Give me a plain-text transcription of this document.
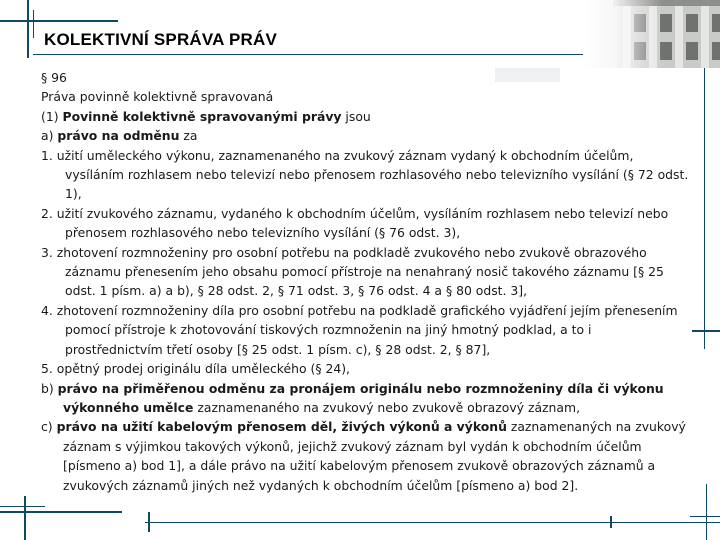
KOLEKTIVNÍ SPRÁVA PRÁV

§ 96

Práva povinně kolektivně spravovaná

(1) Povinně kolektivně spravovanými právy jsou

a) právo na odměnu za

1. užití uměleckého výkonu, zaznamenaného na zvukový záznam vydaný k obchodním účelům, vysíláním rozhlasem nebo televizí nebo přenosem rozhlasového nebo televizního vysílání (§ 72 odst. 1),

2. užití zvukového záznamu, vydaného k obchodním účelům, vysíláním rozhlasem nebo televizí nebo přenosem rozhlasového nebo televizního vysílání (§ 76 odst. 3),

3. zhotovení rozmnoženiny pro osobní potřebu na podkladě zvukového nebo zvukově obrazového záznamu přenesením jeho obsahu pomocí přístroje na nenahraný nosič takového záznamu [§ 25 odst. 1 písm. a) a b), § 28 odst. 2, § 71 odst. 3, § 76 odst. 4 a § 80 odst. 3],

4. zhotovení rozmnoženiny díla pro osobní potřebu na podkladě grafického vyjádření jejím přenesením pomocí přístroje k zhotovování tiskových rozmnoženin na jiný hmotný podklad, a to i prostřednictvím třetí osoby [§ 25 odst. 1 písm. c), § 28 odst. 2, § 87],

5. opětný prodej originálu díla uměleckého (§ 24),

b) právo na přiměřenou odměnu za pronájem originálu nebo rozmnoženiny díla či výkonu výkonného umělce zaznamenaného na zvukový nebo zvukově obrazový záznam,

c) právo na užití kabelovým přenosem děl, živých výkonů a výkonů zaznamenaných na zvukový záznam s výjimkou takových výkonů, jejichž zvukový záznam byl vydán k obchodním účelům [písmeno a) bod 1], a dále právo na užití kabelovým přenosem zvukově obrazových záznamů a zvukových záznamů jiných než vydaných k obchodním účelům [písmeno a) bod 2].
